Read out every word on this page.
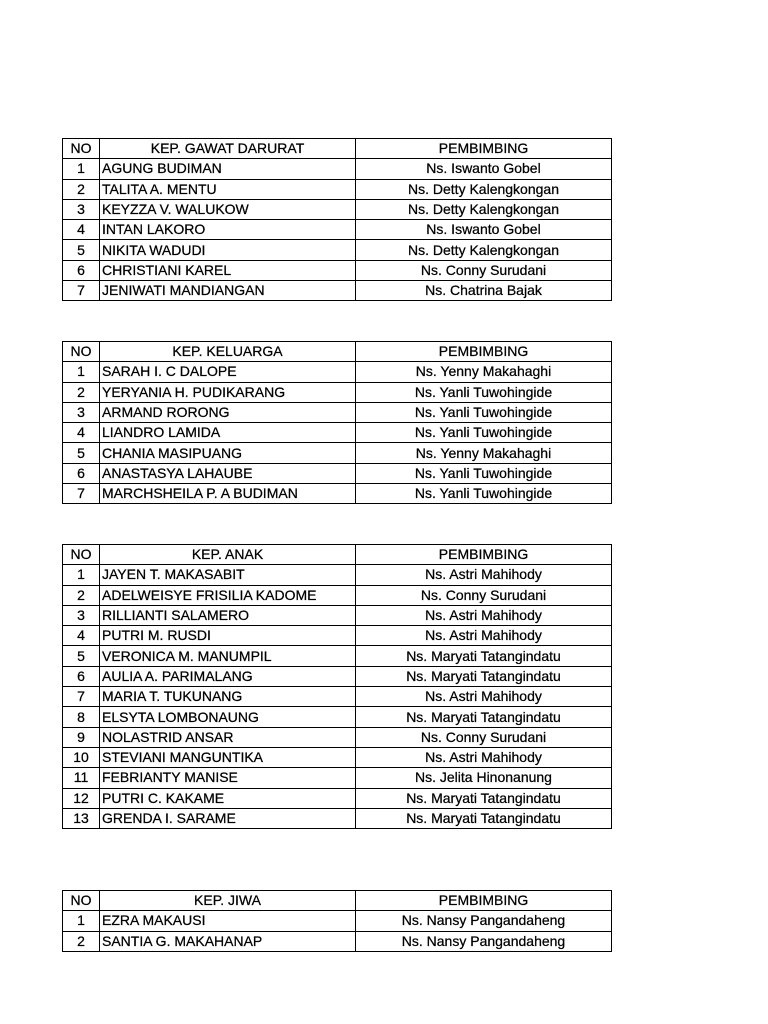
NO	KEP. GAWAT DARURAT	PEMBIMBING
1	AGUNG BUDIMAN	Ns. Iswanto Gobel
2	TALITA A. MENTU	Ns. Detty Kalengkongan
3	KEYZZA V. WALUKOW	Ns. Detty Kalengkongan
4	INTAN LAKORO	Ns. Iswanto Gobel
5	NIKITA WADUDI	Ns. Detty Kalengkongan
6	CHRISTIANI KAREL	Ns. Conny Surudani
7	JENIWATI MANDIANGAN	Ns. Chatrina Bajak
NO	KEP. KELUARGA	PEMBIMBING
1	SARAH I. C DALOPE	Ns. Yenny Makahaghi
2	YERYANIA H. PUDIKARANG	Ns. Yanli Tuwohingide
3	ARMAND RORONG	Ns. Yanli Tuwohingide
4	LIANDRO LAMIDA	Ns. Yanli Tuwohingide
5	CHANIA MASIPUANG	Ns. Yenny Makahaghi
6	ANASTASYA LAHAUBE	Ns. Yanli Tuwohingide
7	MARCHSHEILA P. A BUDIMAN	Ns. Yanli Tuwohingide
NO	KEP. ANAK	PEMBIMBING
1	JAYEN T. MAKASABIT	Ns. Astri Mahihody
2	ADELWEISYE FRISILIA KADOME	Ns. Conny Surudani
3	RILLIANTI SALAMERO	Ns. Astri Mahihody
4	PUTRI M. RUSDI	Ns. Astri Mahihody
5	VERONICA M. MANUMPIL	Ns. Maryati Tatangindatu
6	AULIA A. PARIMALANG	Ns. Maryati Tatangindatu
7	MARIA T. TUKUNANG	Ns. Astri Mahihody
8	ELSYTA LOMBONAUNG	Ns. Maryati Tatangindatu
9	NOLASTRID ANSAR	Ns. Conny Surudani
10	STEVIANI MANGUNTIKA	Ns. Astri Mahihody
11	FEBRIANTY MANISE	Ns. Jelita Hinonanung
12	PUTRI C. KAKAME	Ns. Maryati Tatangindatu
13	GRENDA I. SARAME	Ns. Maryati Tatangindatu
NO	KEP. JIWA	PEMBIMBING
1	EZRA MAKAUSI	Ns. Nansy Pangandaheng
2	SANTIA G. MAKAHANAP	Ns. Nansy Pangandaheng
